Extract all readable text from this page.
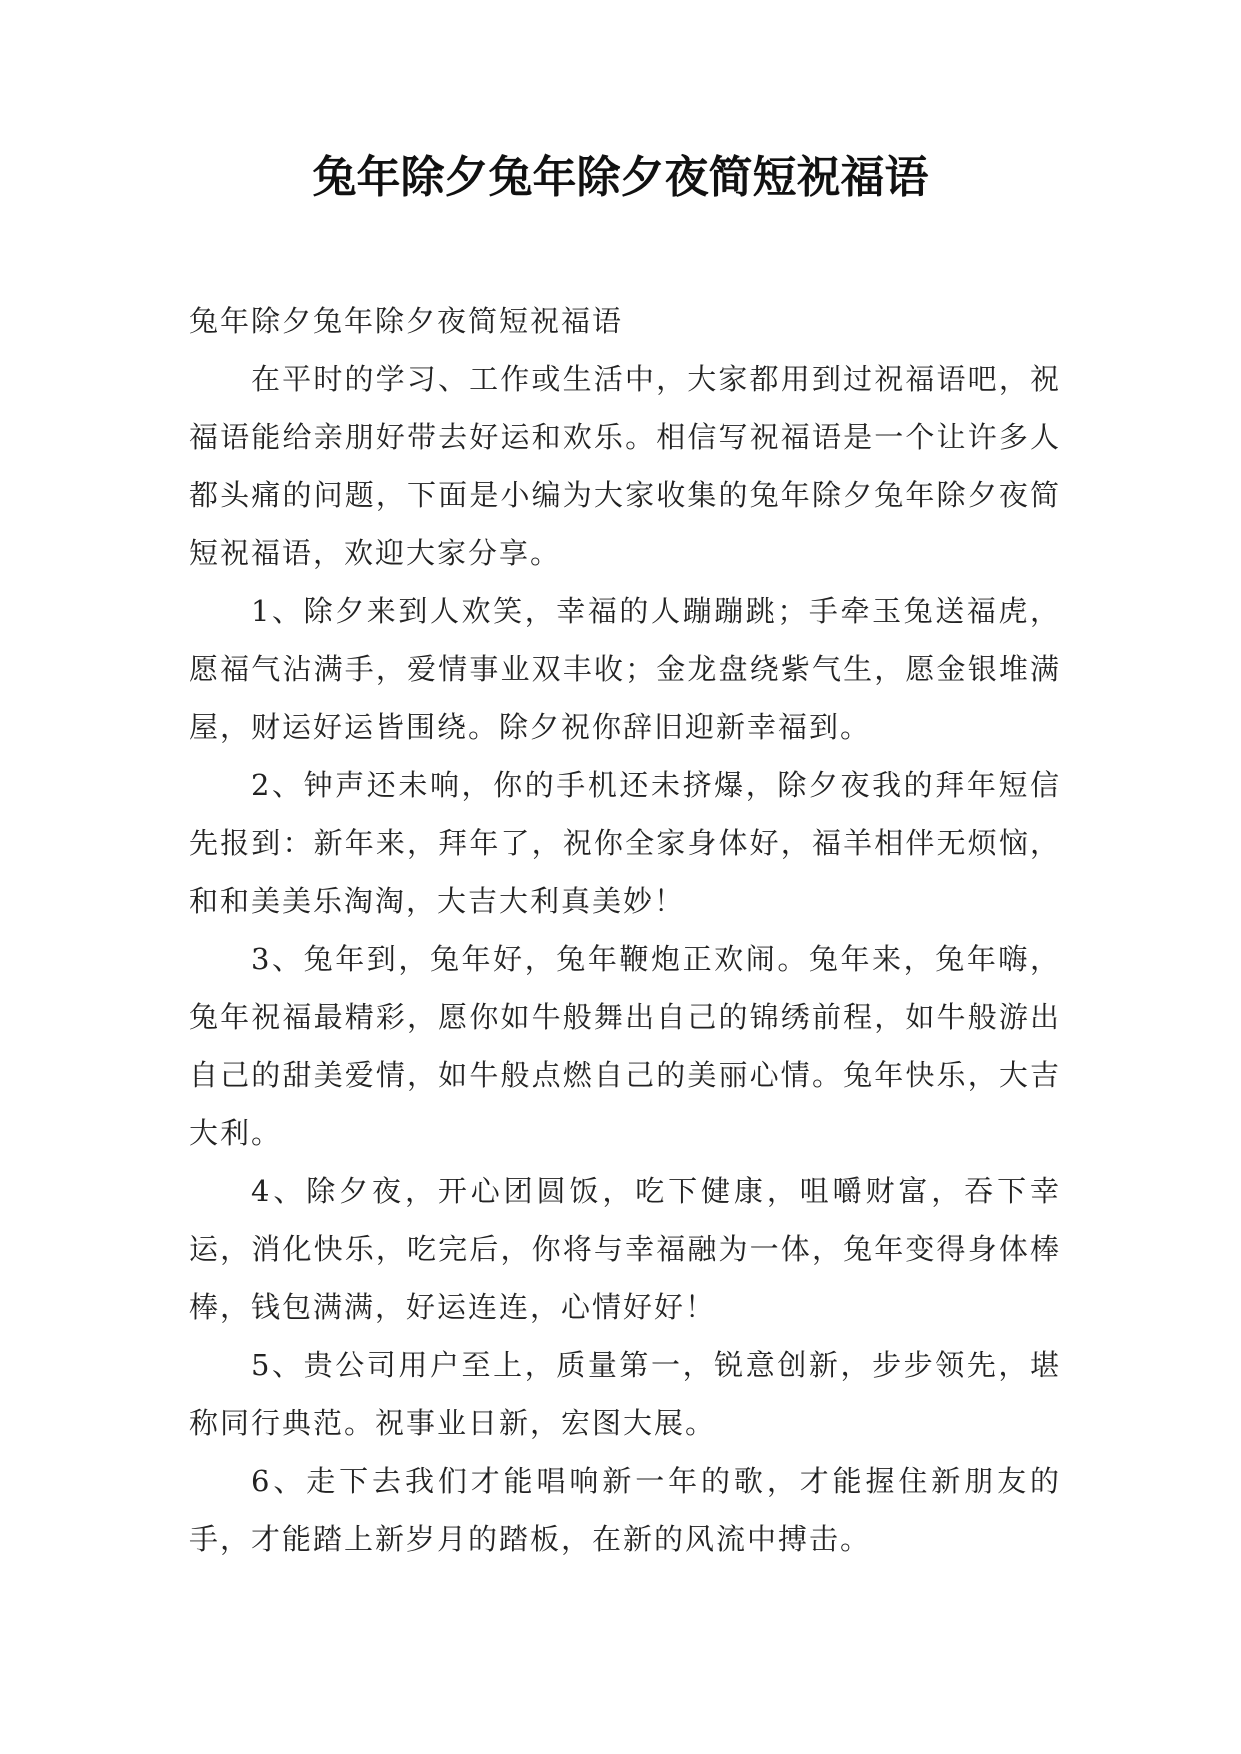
兔年除夕兔年除夕夜简短祝福语

兔年除夕兔年除夕夜简短祝福语

在平时的学习、工作或生活中，大家都用到过祝福语吧，祝福语能给亲朋好带去好运和欢乐。相信写祝福语是一个让许多人都头痛的问题，下面是小编为大家收集的兔年除夕兔年除夕夜简短祝福语，欢迎大家分享。

1、除夕来到人欢笑，幸福的人蹦蹦跳；手牵玉兔送福虎，愿福气沾满手，爱情事业双丰收；金龙盘绕紫气生，愿金银堆满屋，财运好运皆围绕。除夕祝你辞旧迎新幸福到。

2、钟声还未响，你的手机还未挤爆，除夕夜我的拜年短信先报到：新年来，拜年了，祝你全家身体好，福羊相伴无烦恼，和和美美乐淘淘，大吉大利真美妙！

3、兔年到，兔年好，兔年鞭炮正欢闹。兔年来，兔年嗨，兔年祝福最精彩，愿你如牛般舞出自己的锦绣前程，如牛般游出自己的甜美爱情，如牛般点燃自己的美丽心情。兔年快乐，大吉大利。

4、除夕夜，开心团圆饭，吃下健康，咀嚼财富，吞下幸运，消化快乐，吃完后，你将与幸福融为一体，兔年变得身体棒棒，钱包满满，好运连连，心情好好！

5、贵公司用户至上，质量第一，锐意创新，步步领先，堪称同行典范。祝事业日新，宏图大展。

6、走下去我们才能唱响新一年的歌，才能握住新朋友的手，才能踏上新岁月的踏板，在新的风流中搏击。
